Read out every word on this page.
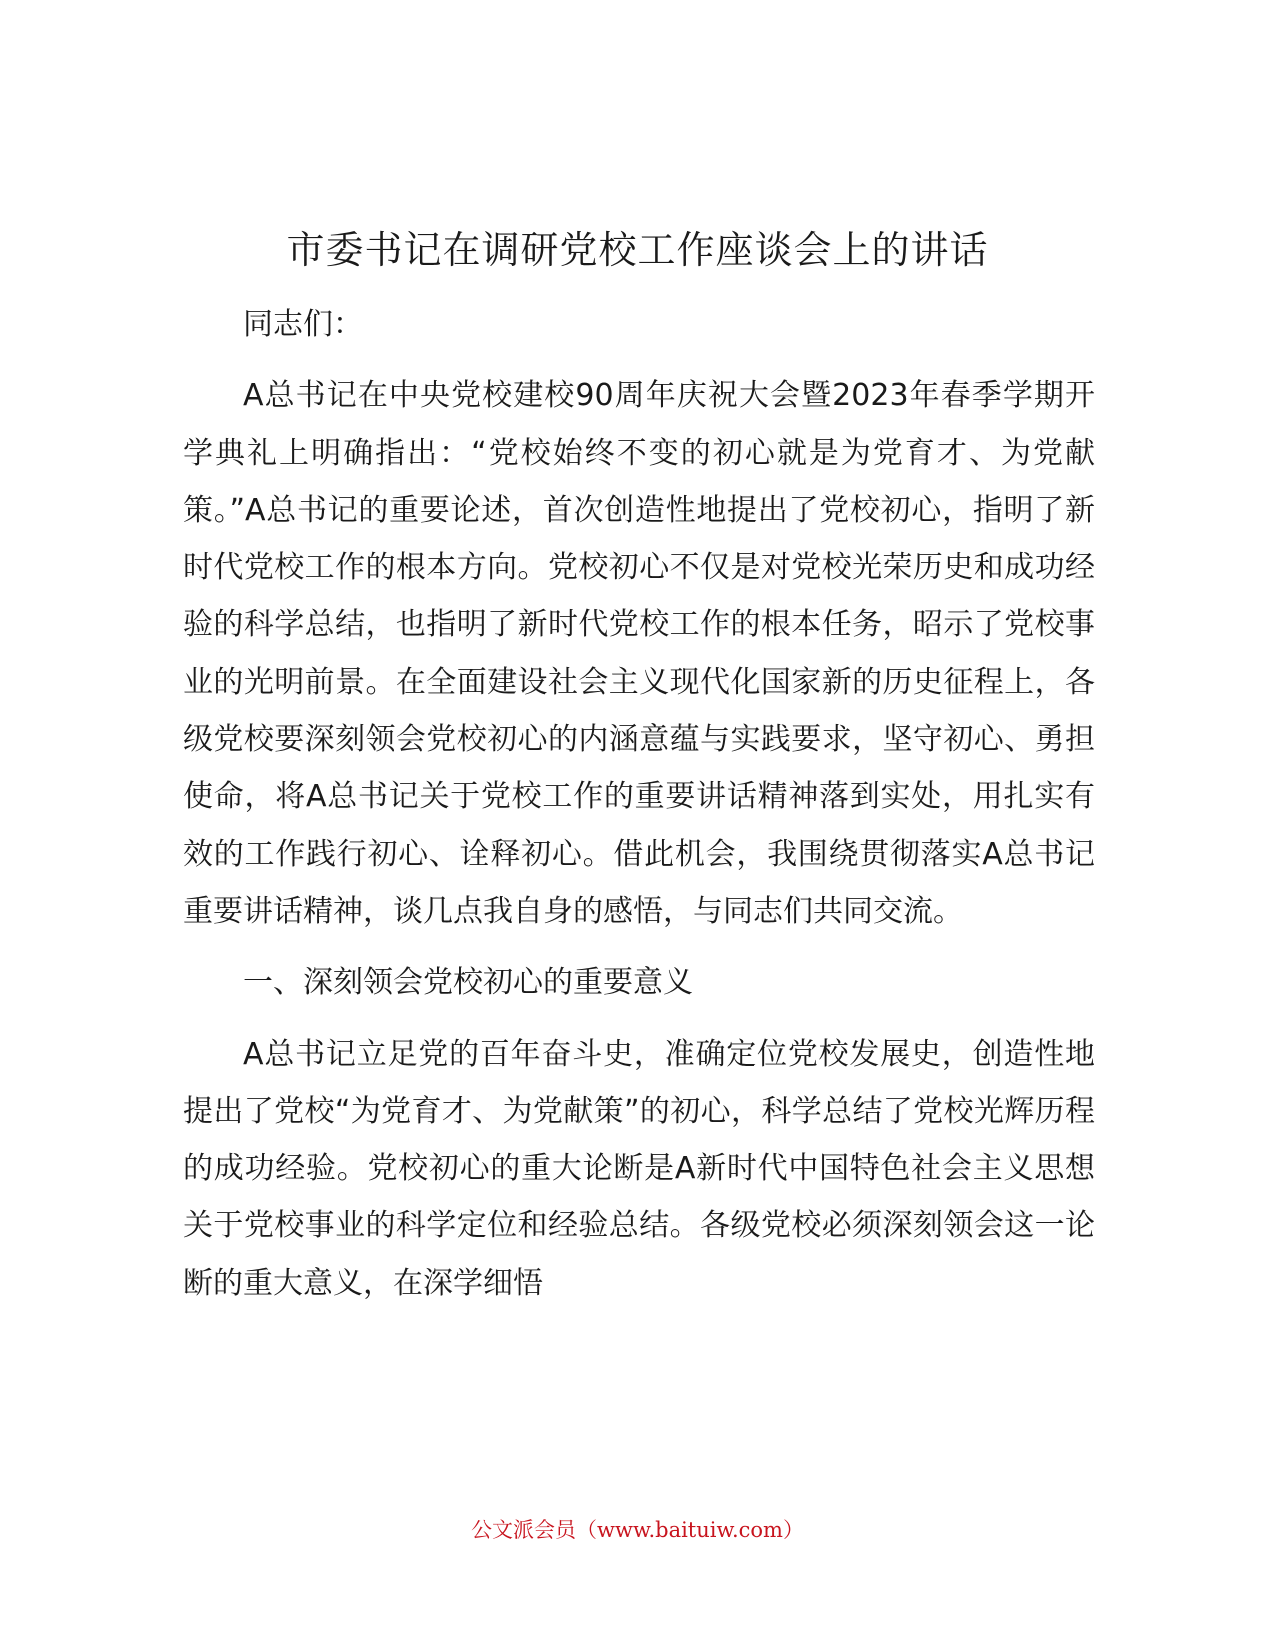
市委书记在调研党校工作座谈会上的讲话

同志们：

A总书记在中央党校建校90周年庆祝大会暨2023年春季学期开学典礼上明确指出：“党校始终不变的初心就是为党育才、为党献策。”A总书记的重要论述，首次创造性地提出了党校初心，指明了新时代党校工作的根本方向。党校初心不仅是对党校光荣历史和成功经验的科学总结，也指明了新时代党校工作的根本任务，昭示了党校事业的光明前景。在全面建设社会主义现代化国家新的历史征程上，各级党校要深刻领会党校初心的内涵意蕴与实践要求，坚守初心、勇担使命，将A总书记关于党校工作的重要讲话精神落到实处，用扎实有效的工作践行初心、诠释初心。借此机会，我围绕贯彻落实A总书记重要讲话精神，谈几点我自身的感悟，与同志们共同交流。

一、深刻领会党校初心的重要意义

A总书记立足党的百年奋斗史，准确定位党校发展史，创造性地提出了党校“为党育才、为党献策”的初心，科学总结了党校光辉历程的成功经验。党校初心的重大论断是A新时代中国特色社会主义思想关于党校事业的科学定位和经验总结。各级党校必须深刻领会这一论断的重大意义，在深学细悟

公文派会员（www.baituiw.com）
